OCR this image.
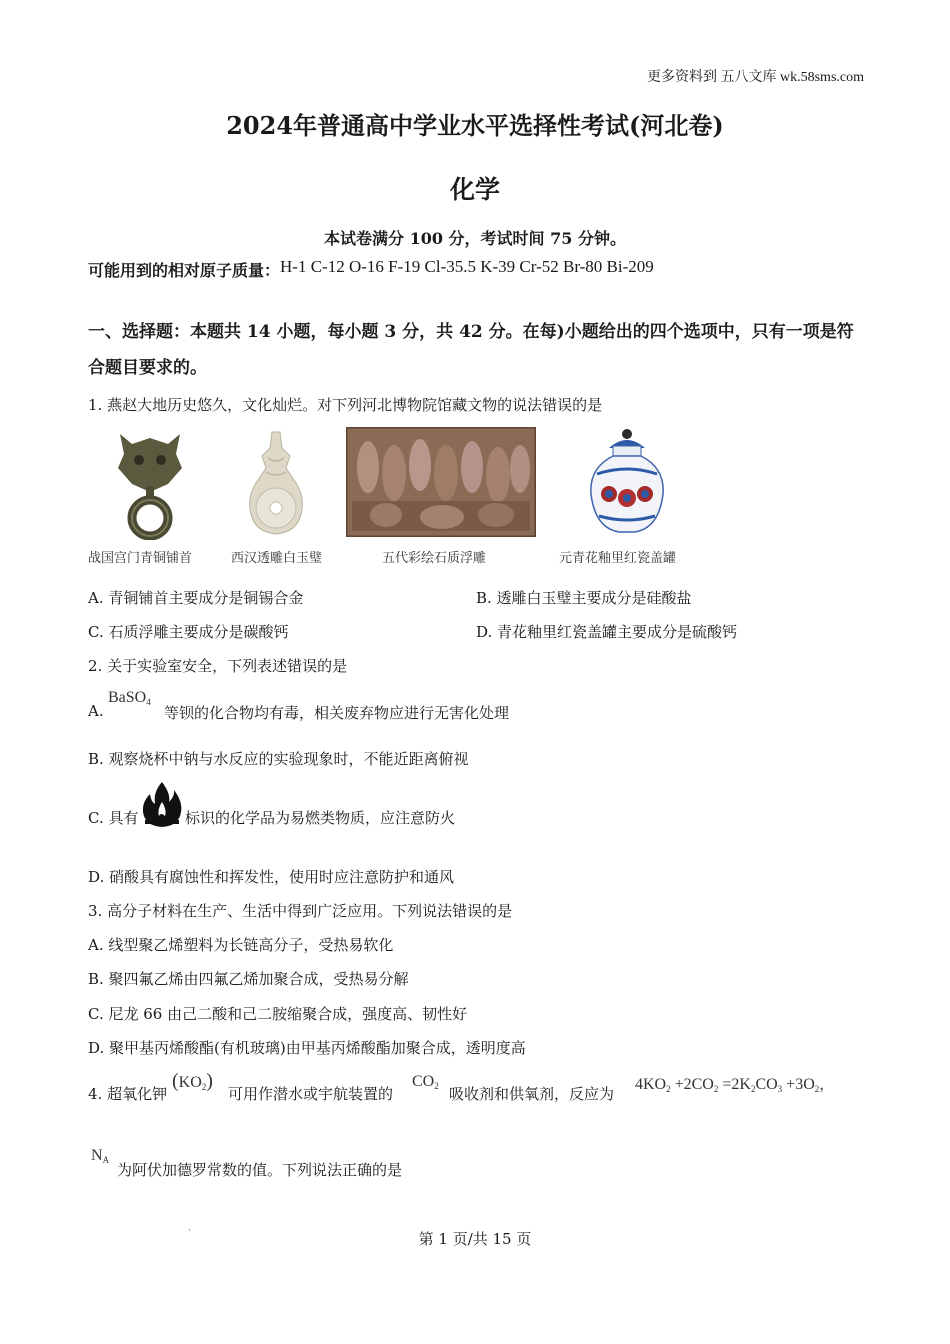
更多资料到 五八文库 wk.58sms.com
2024年普通高中学业水平选择性考试(河北卷)
化学
本试卷满分 100 分，考试时间 75 分钟。
可能用到的相对原子质量：H-1 C-12 O-16 F-19 Cl-35.5 K-39 Cr-52 Br-80 Bi-209
一、选择题：本题共 14 小题，每小题 3 分，共 42 分。在每)小题给出的四个选项中，只有一项是符合题目要求的。
1. 燕赵大地历史悠久，文化灿烂。对下列河北博物院馆藏文物的说法错误的是
战国宫门青铜铺首	西汉透雕白玉璧	五代彩绘石质浮雕	元青花釉里红瓷盖罐
A. 青铜铺首主要成分是铜锡合金	B. 透雕白玉璧主要成分是硅酸盐
C. 石质浮雕主要成分是碳酸钙	D. 青花釉里红瓷盖罐主要成分是硫酸钙
2. 关于实验室安全，下列表述错误的是
A.
BaSO$_4$
等钡的化合物均有毒，相关废弃物应进行无害化处理
B. 观察烧杯中钠与水反应的实验现象时，不能近距离俯视
C. 具有	标识的化学品为易燃类物质，应注意防火
D. 硝酸具有腐蚀性和挥发性，使用时应注意防护和通风
3. 高分子材料在生产、生活中得到广泛应用。下列说法错误的是
A. 线型聚乙烯塑料为长链高分子，受热易软化
B. 聚四氟乙烯由四氟乙烯加聚合成，受热易分解
C. 尼龙 66 由己二酸和己二胺缩聚合成，强度高、韧性好
D. 聚甲基丙烯酸酯(有机玻璃)由甲基丙烯酸酯加聚合成，透明度高
4. 超氧化钾
$(KO_2)$
可用作潜水或宇航装置的
$CO_2$ 吸收剂和供氧剂，反应为
$4KO_2 +2CO_2 =2K_2CO_3 +3O_2$，
$N_A$
为阿伏加德罗常数的值。下列说法正确的是
·	第 1 页/共 15 页
